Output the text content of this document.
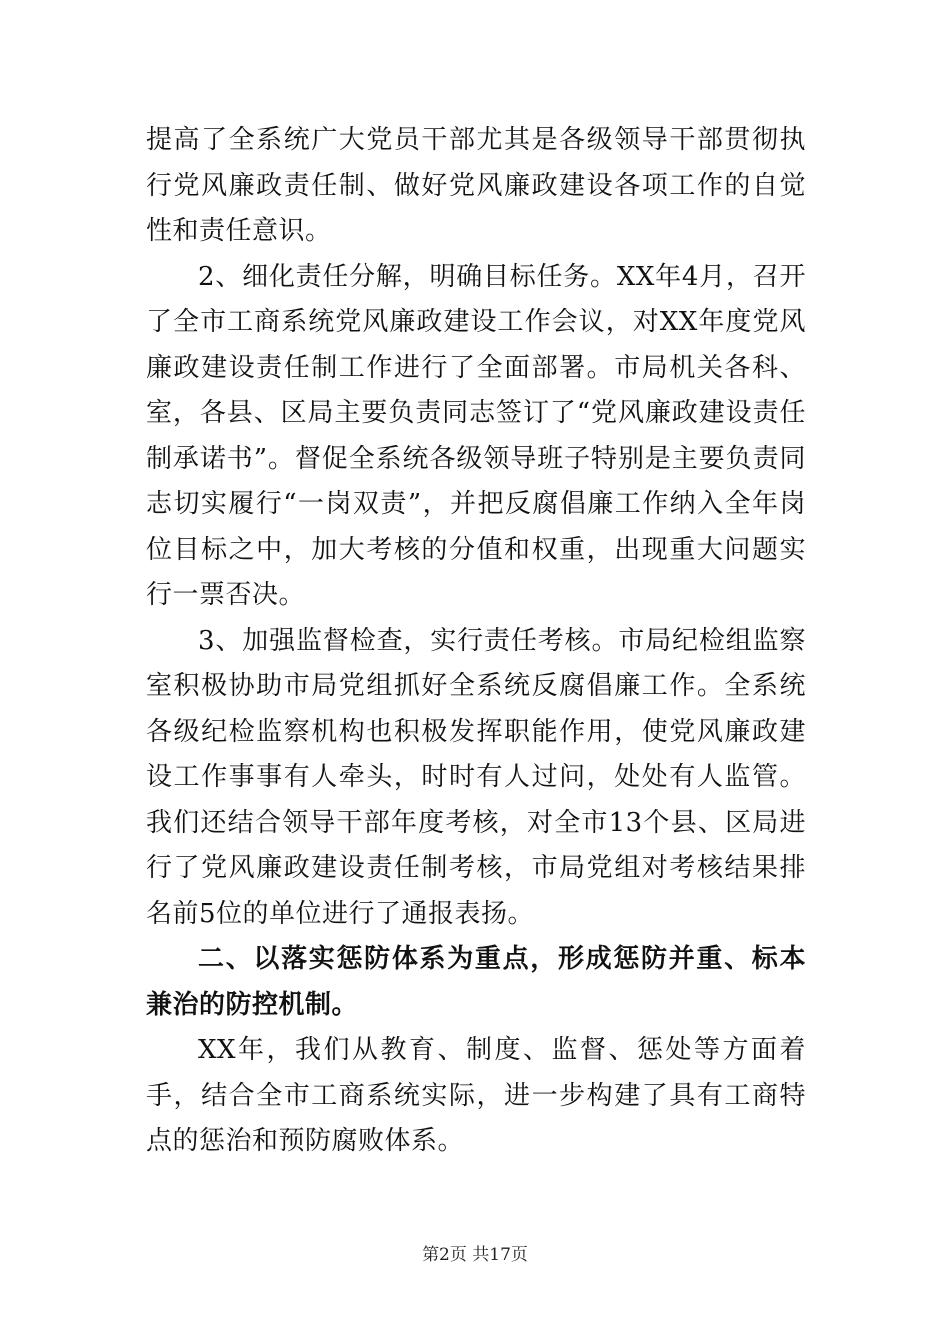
提高了全系统广大党员干部尤其是各级领导干部贯彻执行党风廉政责任制、做好党风廉政建设各项工作的自觉性和责任意识。

2、细化责任分解，明确目标任务。XX年4月，召开了全市工商系统党风廉政建设工作会议，对XX年度党风廉政建设责任制工作进行了全面部署。市局机关各科、室，各县、区局主要负责同志签订了“党风廉政建设责任制承诺书”。督促全系统各级领导班子特别是主要负责同志切实履行“一岗双责”，并把反腐倡廉工作纳入全年岗位目标之中，加大考核的分值和权重，出现重大问题实行一票否决。

3、加强监督检查，实行责任考核。市局纪检组监察室积极协助市局党组抓好全系统反腐倡廉工作。全系统各级纪检监察机构也积极发挥职能作用，使党风廉政建设工作事事有人牵头，时时有人过问，处处有人监管。我们还结合领导干部年度考核，对全市13个县、区局进行了党风廉政建设责任制考核，市局党组对考核结果排名前5位的单位进行了通报表扬。

二、以落实惩防体系为重点，形成惩防并重、标本兼治的防控机制。

XX年，我们从教育、制度、监督、惩处等方面着手，结合全市工商系统实际，进一步构建了具有工商特点的惩治和预防腐败体系。

第2页 共17页
